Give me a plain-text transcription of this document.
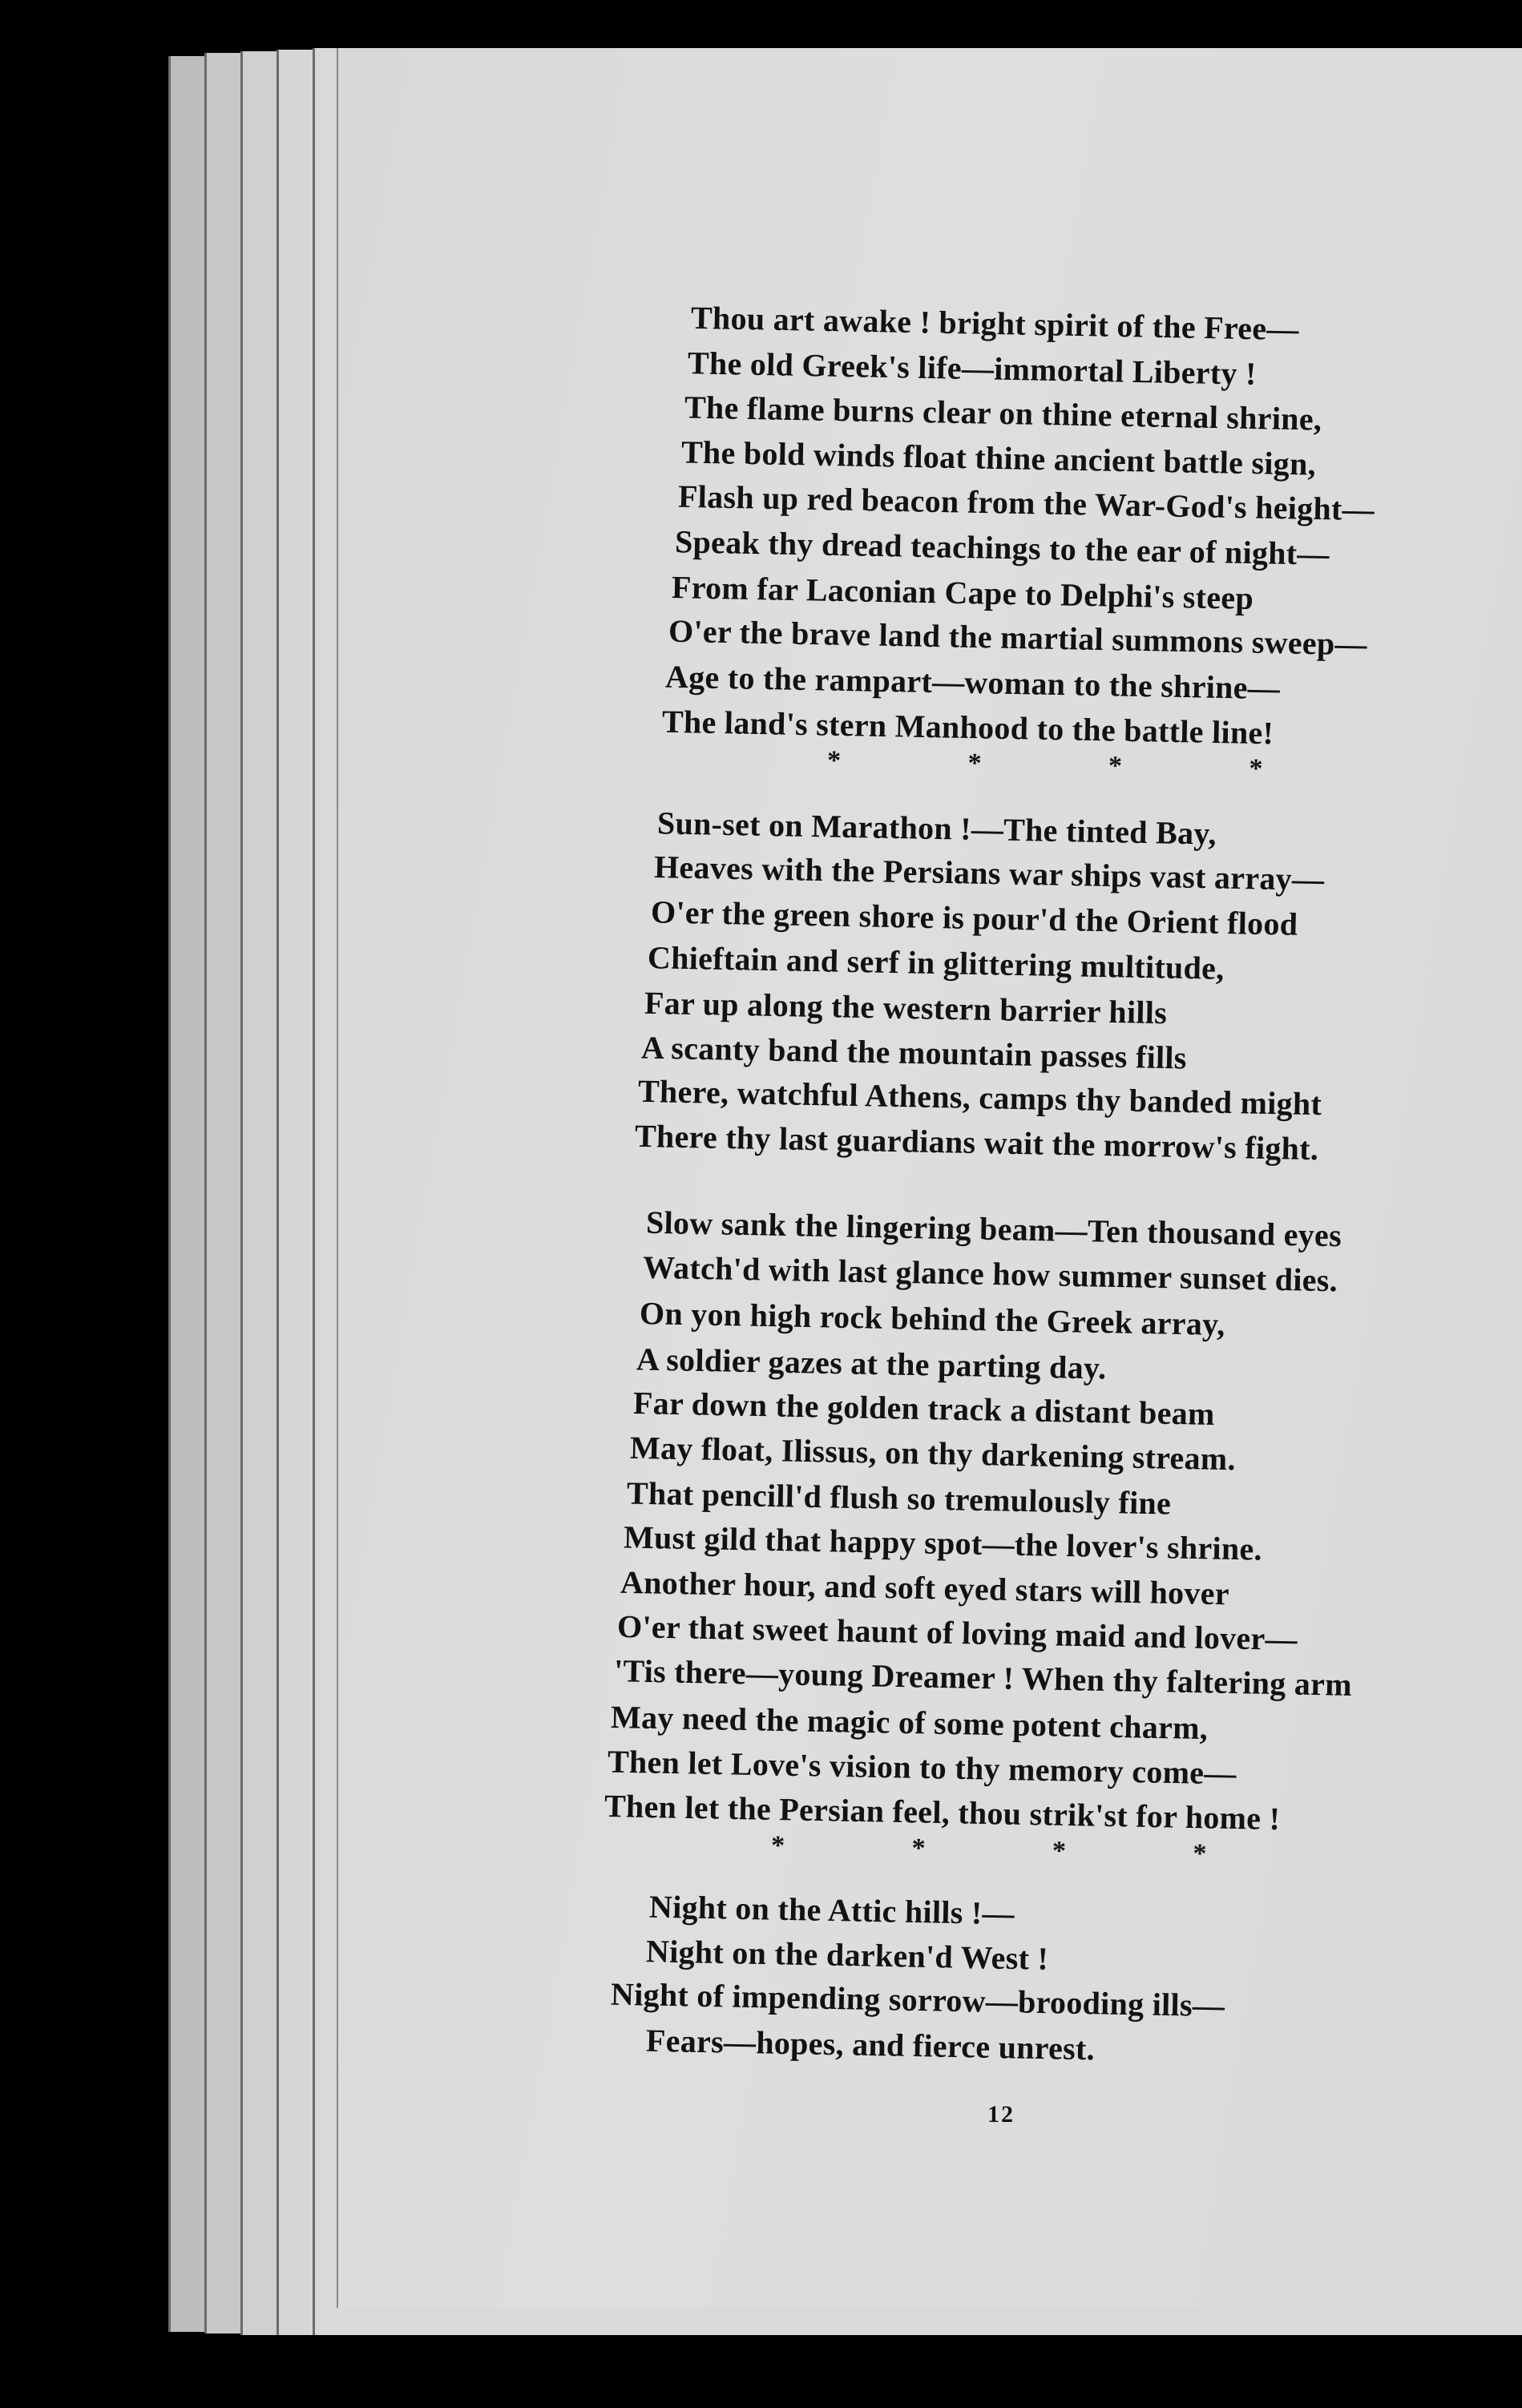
Thou art awake ! bright spirit of the Free—
The old Greek's life—immortal Liberty !
The flame burns clear on thine eternal shrine,
The bold winds float thine ancient battle sign,
Flash up red beacon from the War-God's height—
Speak thy dread teachings to the ear of night—
From far Laconian Cape to Delphi's steep
O'er the brave land the martial summons sweep—
Age to the rampart—woman to the shrine—
The land's stern Manhood to the battle line!
* * * *
Sun-set on Marathon !—The tinted Bay,
Heaves with the Persians war ships vast array—
O'er the green shore is pour'd the Orient flood
Chieftain and serf in glittering multitude,
Far up along the western barrier hills
A scanty band the mountain passes fills
There, watchful Athens, camps thy banded might
There thy last guardians wait the morrow's fight.
Slow sank the lingering beam—Ten thousand eyes
Watch'd with last glance how summer sunset dies.
On yon high rock behind the Greek array,
A soldier gazes at the parting day.
Far down the golden track a distant beam
May float, Ilissus, on thy darkening stream.
That pencill'd flush so tremulously fine
Must gild that happy spot—the lover's shrine.
Another hour, and soft eyed stars will hover
O'er that sweet haunt of loving maid and lover—
'Tis there—young Dreamer ! When thy faltering arm
May need the magic of some potent charm,
Then let Love's vision to thy memory come—
Then let the Persian feel, thou strik'st for home !
* * * *
Night on the Attic hills !—
Night on the darken'd West !
Night of impending sorrow—brooding ills—
Fears—hopes, and fierce unrest.
12
